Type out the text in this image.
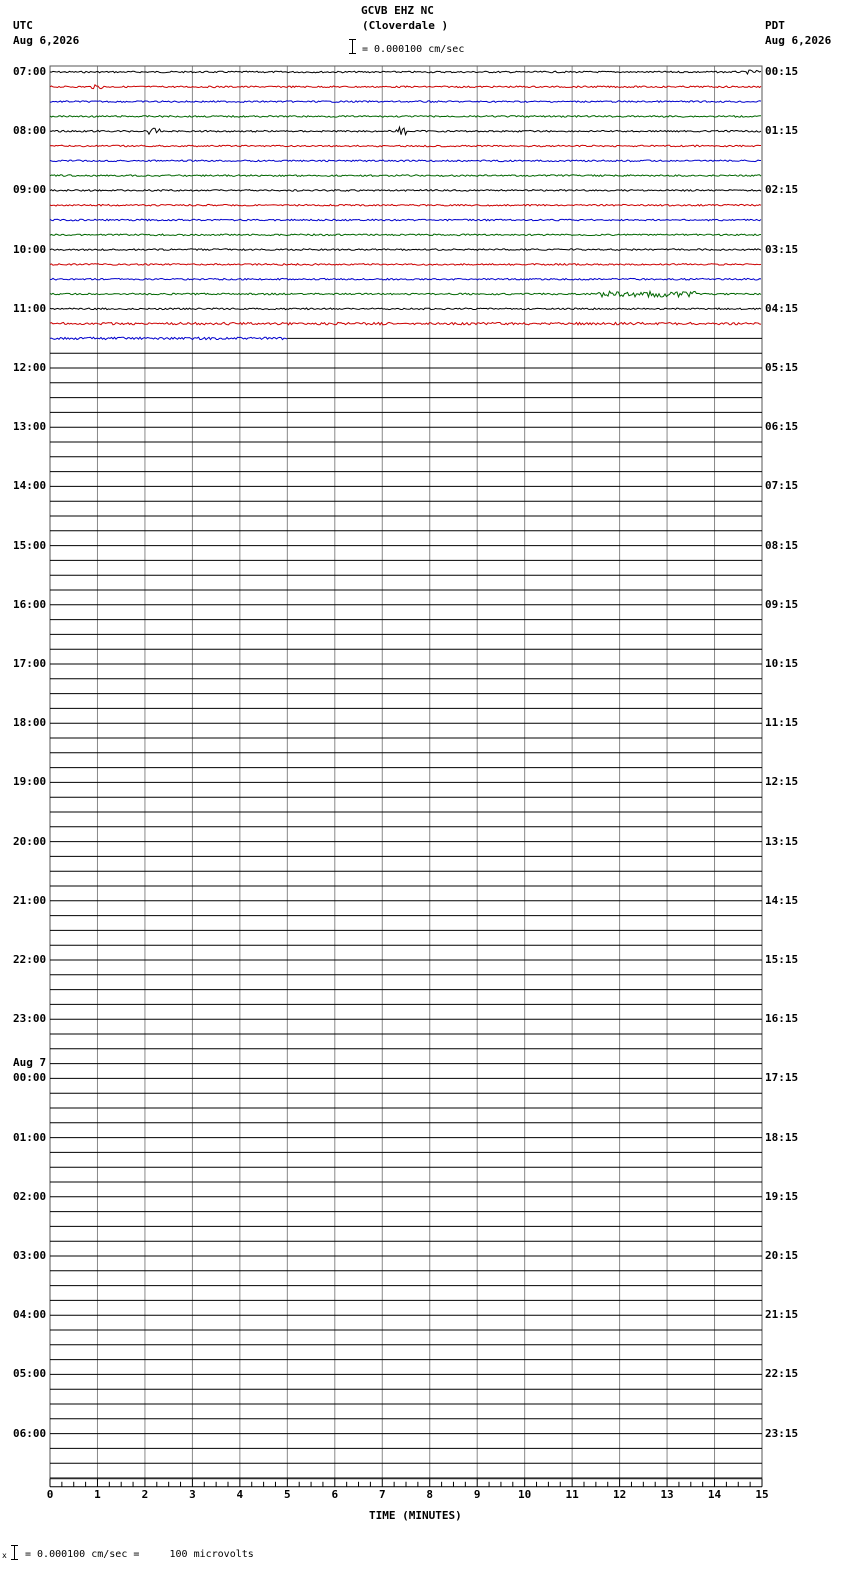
0	1	2	3	4	5	6	7	8	9	10	11	12	13	14	15
GCVB EHZ NC
(Cloverdale )
= 0.000100 cm/sec
UTC
Aug 6,2026
PDT
Aug 6,2026
TIME (MINUTES)
x = 0.000100 cm/sec =     100 microvolts
07:00	00:15
08:00	01:15
09:00	02:15
10:00	03:15
11:00	04:15
12:00	05:15
13:00	06:15
14:00	07:15
15:00	08:15
16:00	09:15
17:00	10:15
18:00	11:15
19:00	12:15
20:00	13:15
21:00	14:15
22:00	15:15
23:00	16:15
00:00	17:15
Aug 7
01:00	18:15
02:00	19:15
03:00	20:15
04:00	21:15
05:00	22:15
06:00	23:15
